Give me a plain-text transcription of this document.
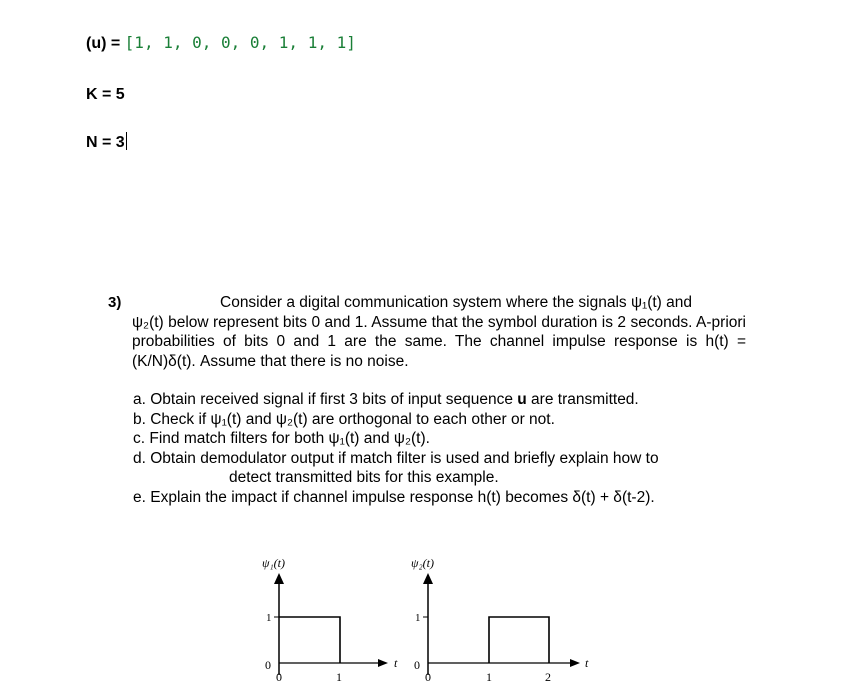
(u) = [1, 1, 0, 0, 0, 1, 1, 1]
K = 5
N = 3
3)	Consider a digital communication system where the signals ψ₁(t) and
ψ₂(t) below represent bits 0 and 1. Assume that the symbol duration is 2 seconds. A-priori probabilities of bits 0 and 1 are the same. The channel impulse response is h(t) = (K/N)δ(t). Assume that there is no noise.
a. Obtain received signal if first 3 bits of input sequence u are transmitted.
b. Check if ψ₁(t) and ψ₂(t) are orthogonal to each other or not.
c. Find match filters for both ψ₁(t) and ψ₂(t).
d. Obtain demodulator output if match filter is used and briefly explain how to
detect transmitted bits for this example.
e. Explain the impact if channel impulse response h(t) becomes δ(t) + δ(t-2).
ψ₁(t)
1
0
0	1
t
ψ₂(t)
1
0
0	1	2
t
